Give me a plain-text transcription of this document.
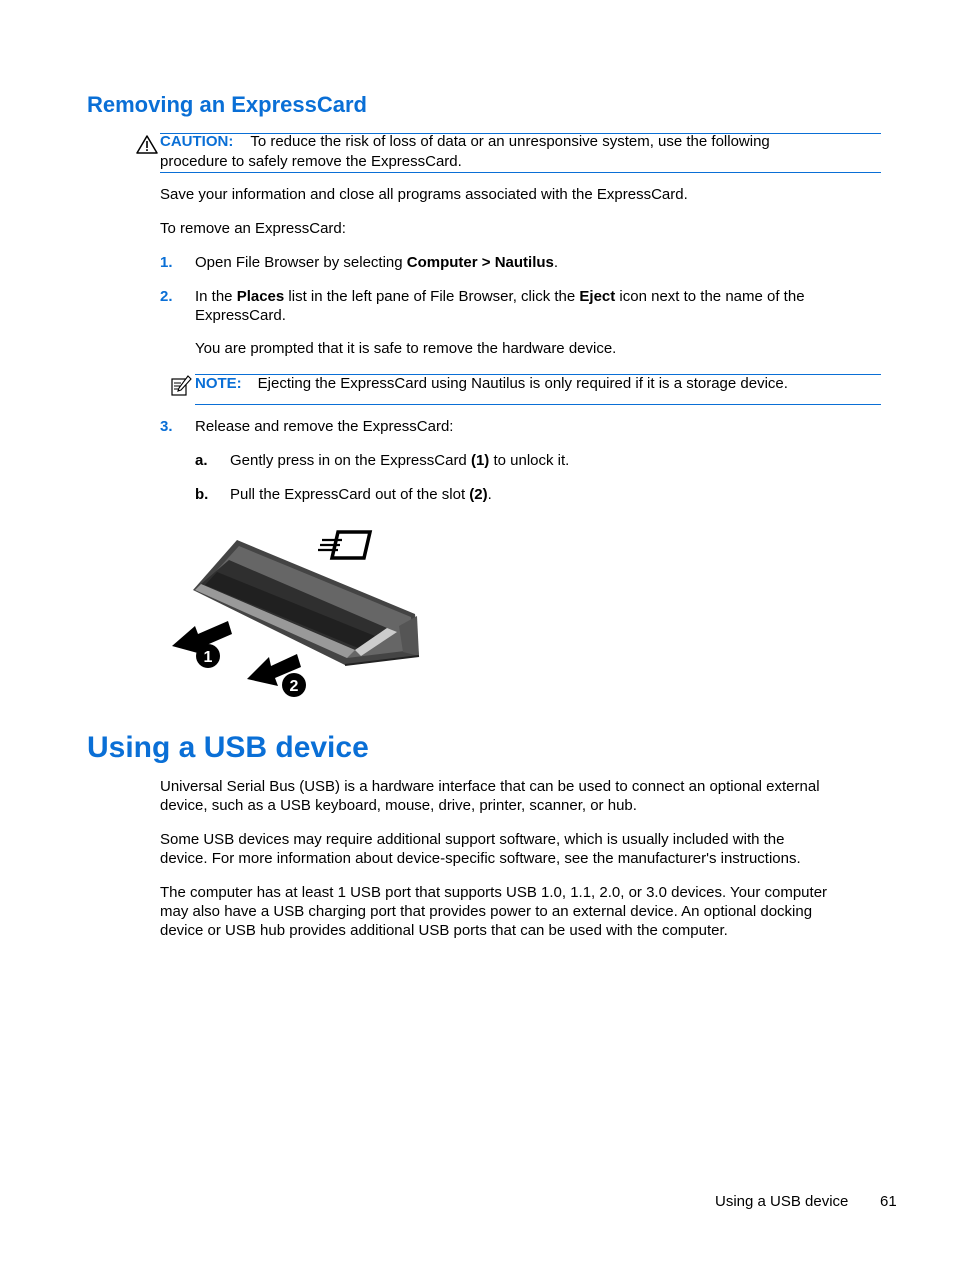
Removing an ExpressCard
CAUTION: To reduce the risk of loss of data or an unresponsive system, use the following
procedure to safely remove the ExpressCard.
Save your information and close all programs associated with the ExpressCard.
To remove an ExpressCard:
1. Open File Browser by selecting Computer > Nautilus.
2. In the Places list in the left pane of File Browser, click the Eject icon next to the name of the
ExpressCard.
You are prompted that it is safe to remove the hardware device.
NOTE: Ejecting the ExpressCard using Nautilus is only required if it is a storage device.
3. Release and remove the ExpressCard:
a. Gently press in on the ExpressCard (1) to unlock it.
b. Pull the ExpressCard out of the slot (2).
1
2
Using a USB device
Universal Serial Bus (USB) is a hardware interface that can be used to connect an optional external
device, such as a USB keyboard, mouse, drive, printer, scanner, or hub.
Some USB devices may require additional support software, which is usually included with the
device. For more information about device-specific software, see the manufacturer's instructions.
The computer has at least 1 USB port that supports USB 1.0, 1.1, 2.0, or 3.0 devices. Your computer
may also have a USB charging port that provides power to an external device. An optional docking
device or USB hub provides additional USB ports that can be used with the computer.
Using a USB device 61
